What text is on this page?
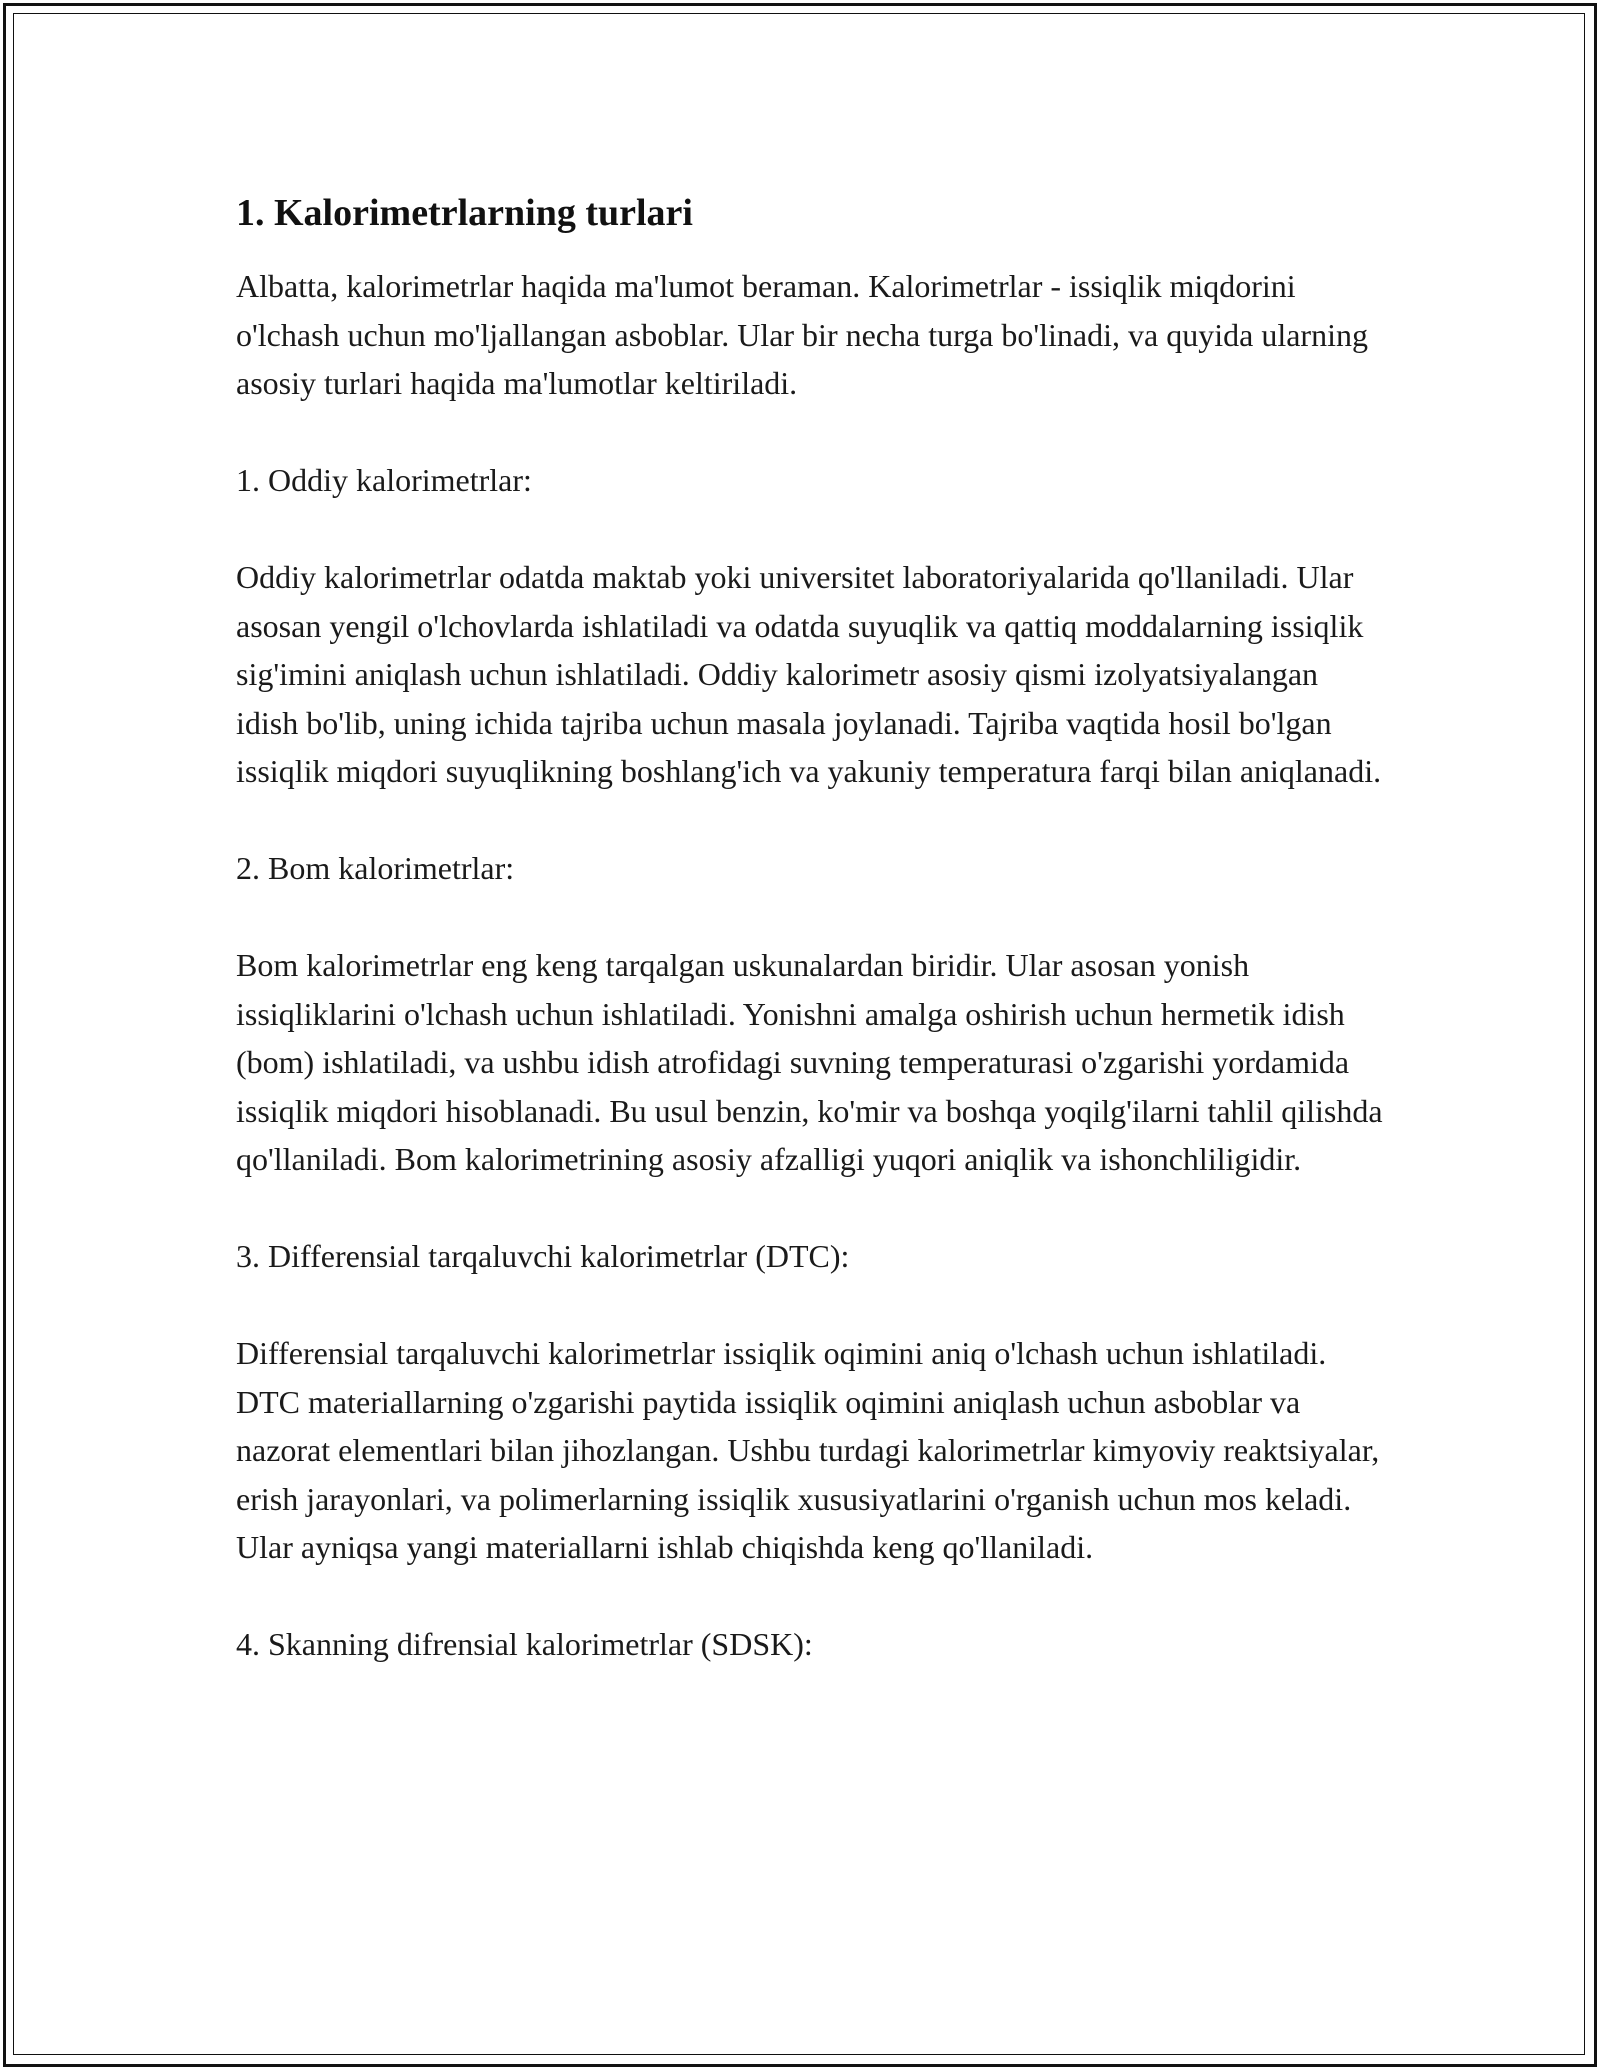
1. Kalorimetrlarning turlari

Albatta, kalorimetrlar haqida ma'lumot beraman. Kalorimetrlar - issiqlik miqdorini o'lchash uchun mo'ljallangan asboblar. Ular bir necha turga bo'linadi, va quyida ularning asosiy turlari haqida ma'lumotlar keltiriladi.

1. Oddiy kalorimetrlar:

Oddiy kalorimetrlar odatda maktab yoki universitet laboratoriyalarida qo'llaniladi. Ular asosan yengil o'lchovlarda ishlatiladi va odatda suyuqlik va qattiq moddalarning issiqlik sig'imini aniqlash uchun ishlatiladi. Oddiy kalorimetr asosiy qismi izolyatsiyalangan idish bo'lib, uning ichida tajriba uchun masala joylanadi. Tajriba vaqtida hosil bo'lgan issiqlik miqdori suyuqlikning boshlang'ich va yakuniy temperatura farqi bilan aniqlanadi.

2. Bom kalorimetrlar:

Bom kalorimetrlar eng keng tarqalgan uskunalardan biridir. Ular asosan yonish issiqliklarini o'lchash uchun ishlatiladi. Yonishni amalga oshirish uchun hermetik idish (bom) ishlatiladi, va ushbu idish atrofidagi suvning temperaturasi o'zgarishi yordamida issiqlik miqdori hisoblanadi. Bu usul benzin, ko'mir va boshqa yoqilg'ilarni tahlil qilishda qo'llaniladi. Bom kalorimetrining asosiy afzalligi yuqori aniqlik va ishonchliligidir.

3. Differensial tarqaluvchi kalorimetrlar (DTC):

Differensial tarqaluvchi kalorimetrlar issiqlik oqimini aniq o'lchash uchun ishlatiladi. DTC materiallarning o'zgarishi paytida issiqlik oqimini aniqlash uchun asboblar va nazorat elementlari bilan jihozlangan. Ushbu turdagi kalorimetrlar kimyoviy reaktsiyalar, erish jarayonlari, va polimerlarning issiqlik xususiyatlarini o'rganish uchun mos keladi. Ular ayniqsa yangi materiallarni ishlab chiqishda keng qo'llaniladi.

4. Skanning difrensial kalorimetrlar (SDSK):
